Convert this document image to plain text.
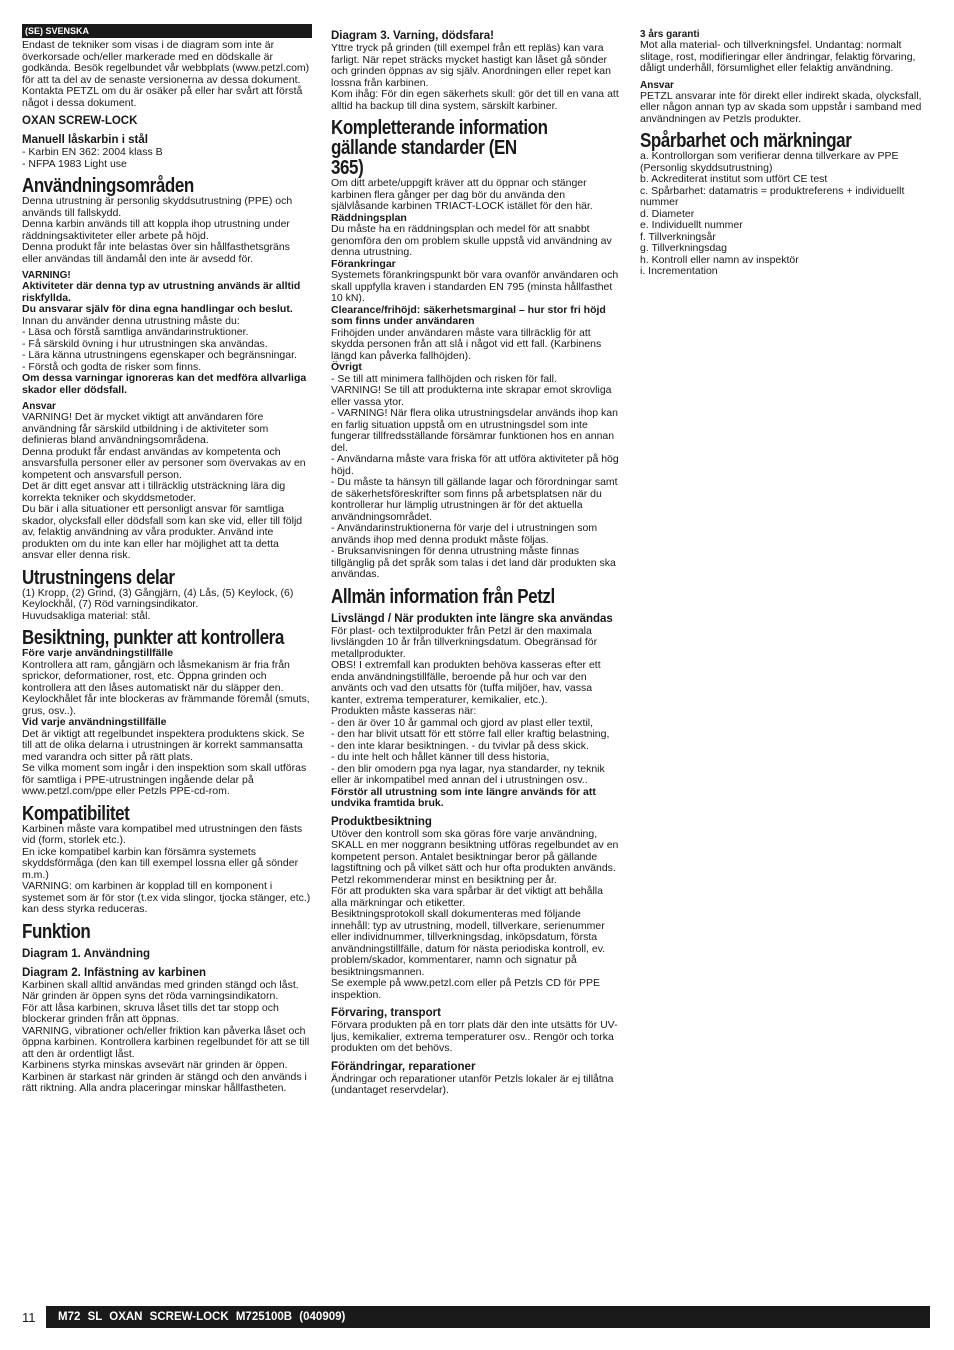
(SE) SVENSKA

Endast de tekniker som visas i de diagram som inte är överkorsade och/eller markerade med en dödskalle är godkända. Besök regelbundet vår webbplats (www.petzl.com) för att ta del av de senaste versionerna av dessa dokument. Kontakta PETZL om du är osäker på eller har svårt att förstå något i dessa dokument.

OXAN SCREW-LOCK

Manuell låskarbin i stål

- Karbin EN 362: 2004 klass B

- NFPA 1983 Light use

Användningsområden

Denna utrustning är personlig skyddsutrustning (PPE) och används till fallskydd.

Denna karbin används till att koppla ihop utrustning under räddningsaktiviteter eller arbete på höjd.

Denna produkt får inte belastas över sin hållfasthetsgräns eller användas till ändamål den inte är avsedd för.

VARNING!

Aktiviteter där denna typ av utrustning används är alltid riskfyllda.

Du ansvarar själv för dina egna handlingar och beslut.

Innan du använder denna utrustning måste du:

- Läsa och förstå samtliga användarinstruktioner.

- Få särskild övning i hur utrustningen ska användas.

- Lära känna utrustningens egenskaper och begränsningar.

- Förstå och godta de risker som finns.

Om dessa varningar ignoreras kan det medföra allvarliga skador eller dödsfall.

Ansvar

VARNING! Det är mycket viktigt att användaren före användning får särskild utbildning i de aktiviteter som definieras bland användningsområdena.

Denna produkt får endast användas av kompetenta och ansvarsfulla personer eller av personer som övervakas av en kompetent och ansvarsfull person.

Det är ditt eget ansvar att i tillräcklig utsträckning lära dig korrekta tekniker och skyddsmetoder.

Du bär i alla situationer ett personligt ansvar för samtliga skador, olycksfall eller dödsfall som kan ske vid, eller till följd av, felaktig användning av våra produkter. Använd inte produkten om du inte kan eller har möjlighet att ta detta ansvar eller denna risk.

Utrustningens delar

(1) Kropp, (2) Grind, (3) Gångjärn, (4) Lås, (5) Keylock, (6) Keylockhål, (7) Röd varningsindikator.

Huvudsakliga material: stål.

Besiktning, punkter att kontrollera

Före varje användningstillfälle

Kontrollera att ram, gångjärn och låsmekanism är fria från sprickor, deformationer, rost, etc. Öppna grinden och kontrollera att den låses automatiskt när du släpper den. Keylockhålet får inte blockeras av främmande föremål (smuts, grus, osv..).

Vid varje användningstillfälle

Det är viktigt att regelbundet inspektera produktens skick. Se till att de olika delarna i utrustningen är korrekt sammansatta med varandra och sitter på rätt plats.

Se vilka moment som ingår i den inspektion som skall utföras för samtliga i PPE-utrustningen ingående delar på www.petzl.com/ppe eller Petzls PPE-cd-rom.

Kompatibilitet

Karbinen måste vara kompatibel med utrustningen den fästs vid (form, storlek etc.).

En icke kompatibel karbin kan försämra systemets skyddsförmåga (den kan till exempel lossna eller gå sönder m.m.)

VARNING: om karbinen är kopplad till en komponent i systemet som är för stor (t.ex vida slingor, tjocka stänger, etc.) kan dess styrka reduceras.

Funktion

Diagram 1. Användning

Diagram 2. Infästning av karbinen

Karbinen skall alltid användas med grinden stängd och låst. När grinden är öppen syns det röda varningsindikatorn.

För att låsa karbinen, skruva låset tills det tar stopp och blockerar grinden från att öppnas.

VARNING, vibrationer och/eller friktion kan påverka låset och öppna karbinen. Kontrollera karbinen regelbundet för att se till att den är ordentligt låst.

Karbinens styrka minskas avsevärt när grinden är öppen. Karbinen är starkast när grinden är stängd och den används i rätt riktning. Alla andra placeringar minskar hållfastheten.

Diagram 3. Varning, dödsfara!

Yttre tryck på grinden (till exempel från ett repläs) kan vara farligt. När repet sträcks mycket hastigt kan låset gå sönder och grinden öppnas av sig själv. Anordningen eller repet kan lossna från karbinen.

Kom ihåg: För din egen säkerhets skull: gör det till en vana att alltid ha backup till dina system, särskilt karbiner.

Kompletterande information gällande standarder (EN 365)

Om ditt arbete/uppgift kräver att du öppnar och stänger karbinen flera gånger per dag bör du använda den självlåsande karbinen TRIACT-LOCK istället för den här.

Räddningsplan

Du måste ha en räddningsplan och medel för att snabbt genomföra den om problem skulle uppstå vid användning av denna utrustning.

Förankringar

Systemets förankringspunkt bör vara ovanför användaren och skall uppfylla kraven i standarden EN 795 (minsta hållfasthet 10 kN).

Clearance/frihöjd: säkerhetsmarginal – hur stor fri höjd som finns under användaren

Frihöjden under användaren måste vara tillräcklig för att skydda personen från att slå i något vid ett fall. (Karbinens längd kan påverka fallhöjden).

Övrigt

- Se till att minimera fallhöjden och risken för fall.

VARNING! Se till att produkterna inte skrapar emot skrovliga eller vassa ytor.

- VARNING! När flera olika utrustningsdelar används ihop kan en farlig situation uppstå om en utrustningsdel som inte fungerar tillfredsställande försämrar funktionen hos en annan del.

- Användarna måste vara friska för att utföra aktiviteter på hög höjd.

- Du måste ta hänsyn till gällande lagar och förordningar samt de säkerhetsföreskrifter som finns på arbetsplatsen när du kontrollerar hur lämplig utrustningen är för det aktuella användningsområdet.

- Användarinstruktionerna för varje del i utrustningen som används ihop med denna produkt måste följas.

- Bruksanvisningen för denna utrustning måste finnas tillgänglig på det språk som talas i det land där produkten ska användas.

Allmän information från Petzl

Livslängd / När produkten inte längre ska användas

För plast- och textilprodukter från Petzl är den maximala livslängden 10 år från tillverkningsdatum. Obegränsad för metallprodukter.

OBS! I extremfall kan produkten behöva kasseras efter ett enda användningstillfälle, beroende på hur och var den använts och vad den utsatts för (tuffa miljöer, hav, vassa kanter, extrema temperaturer, kemikalier, etc.).

Produkten måste kasseras när:

- den är över 10 år gammal och gjord av plast eller textil,

- den har blivit utsatt för ett större fall eller kraftig belastning,

- den inte klarar besiktningen. - du tvivlar på dess skick.

- du inte helt och hållet känner till dess historia,

- den blir omodern pga nya lagar, nya standarder, ny teknik eller är inkompatibel med annan del i utrustningen osv..

Förstör all utrustning som inte längre används för att undvika framtida bruk.

Produktbesiktning

Utöver den kontroll som ska göras före varje användning, SKALL en mer noggrann besiktning utföras regelbundet av en kompetent person. Antalet besiktningar beror på gällande lagstiftning och på vilket sätt och hur ofta produkten används. Petzl rekommenderar minst en besiktning per år.

För att produkten ska vara spårbar är det viktigt att behålla alla märkningar och etiketter.

Besiktningsprotokoll skall dokumenteras med följande innehåll: typ av utrustning, modell, tillverkare, serienummer eller individnummer, tillverkningsdag, inköpsdatum, första användningstillfälle, datum för nästa periodiska kontroll, ev. problem/skador, kommentarer, namn och signatur på besiktningsmannen.

Se exemple på www.petzl.com eller på Petzls CD för PPE inspektion.

Förvaring, transport

Förvara produkten på en torr plats där den inte utsätts för UV-ljus, kemikalier, extrema temperaturer osv.. Rengör och torka produkten om det behövs.

Förändringar, reparationer

Ändringar och reparationer utanför Petzls lokaler är ej tillåtna (undantaget reservdelar).

3 års garanti

Mot alla material- och tillverkningsfel. Undantag: normalt slitage, rost, modifieringar eller ändringar, felaktig förvaring, dåligt underhåll, försumlighet eller felaktig användning.

Ansvar

PETZL ansvarar inte för direkt eller indirekt skada, olycksfall, eller någon annan typ av skada som uppstår i samband med användningen av Petzls produkter.

Spårbarhet och märkningar

a. Kontrollorgan som verifierar denna tillverkare av PPE (Personlig skyddsutrustning)

b. Ackrediterat institut som utfört CE test

c. Spårbarhet: datamatris = produktreferens + individuellt nummer

d. Diameter

e. Individuellt nummer

f. Tillverkningsår

g. Tillverkningsdag

h. Kontroll eller namn av inspektör

i. Incrementation

11	M72 SL OXAN SCREW-LOCK M725100B (040909)
